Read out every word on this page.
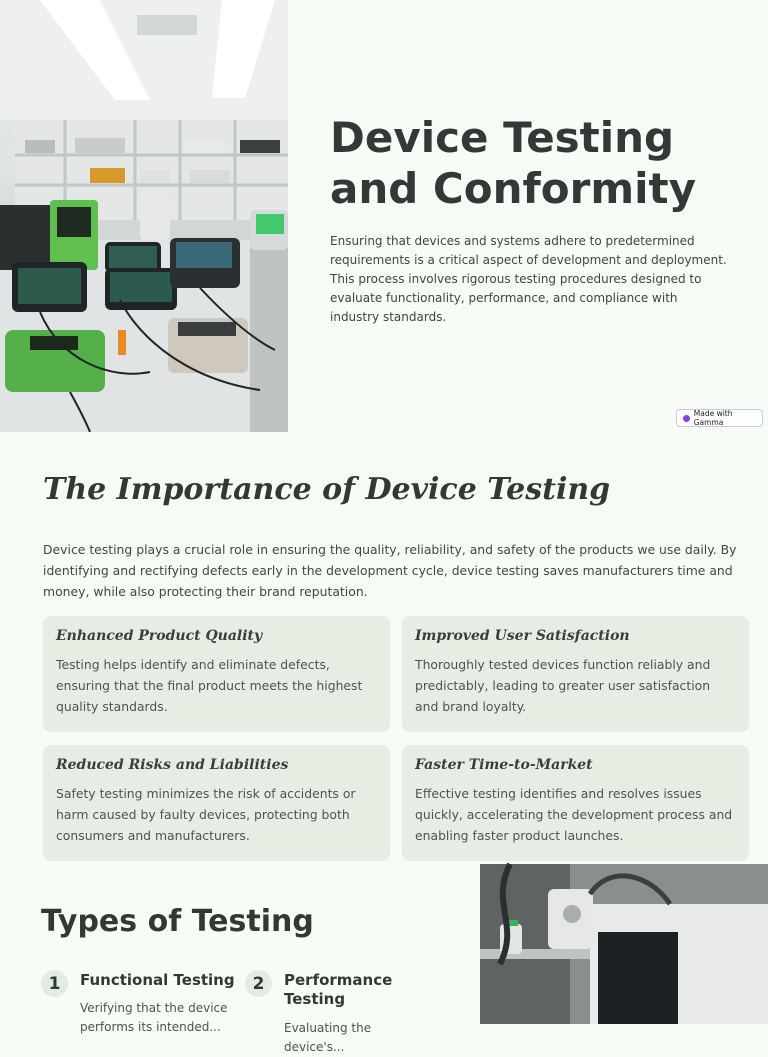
Device Testing and Conformity

Ensuring that devices and systems adhere to predetermined requirements is a critical aspect of development and deployment. This process involves rigorous testing procedures designed to evaluate functionality, performance, and compliance with industry standards.

Made with Gamma
The Importance of Device Testing

Device testing plays a crucial role in ensuring the quality, reliability, and safety of the products we use daily. By identifying and rectifying defects early in the development cycle, device testing saves manufacturers time and money, while also protecting their brand reputation.

Enhanced Product Quality
Testing helps identify and eliminate defects, ensuring that the final product meets the highest quality standards.
Improved User Satisfaction
Thoroughly tested devices function reliably and predictably, leading to greater user satisfaction and brand loyalty.
Reduced Risks and Liabilities
Safety testing minimizes the risk of accidents or harm caused by faulty devices, protecting both consumers and manufacturers.
Faster Time-to-Market
Effective testing identifies and resolves issues quickly, accelerating the development process and enabling faster product launches.
Types of Testing
1	Functional Testing
Verifying that the device performs its intended...
2	Performance Testing
Evaluating the device's...
